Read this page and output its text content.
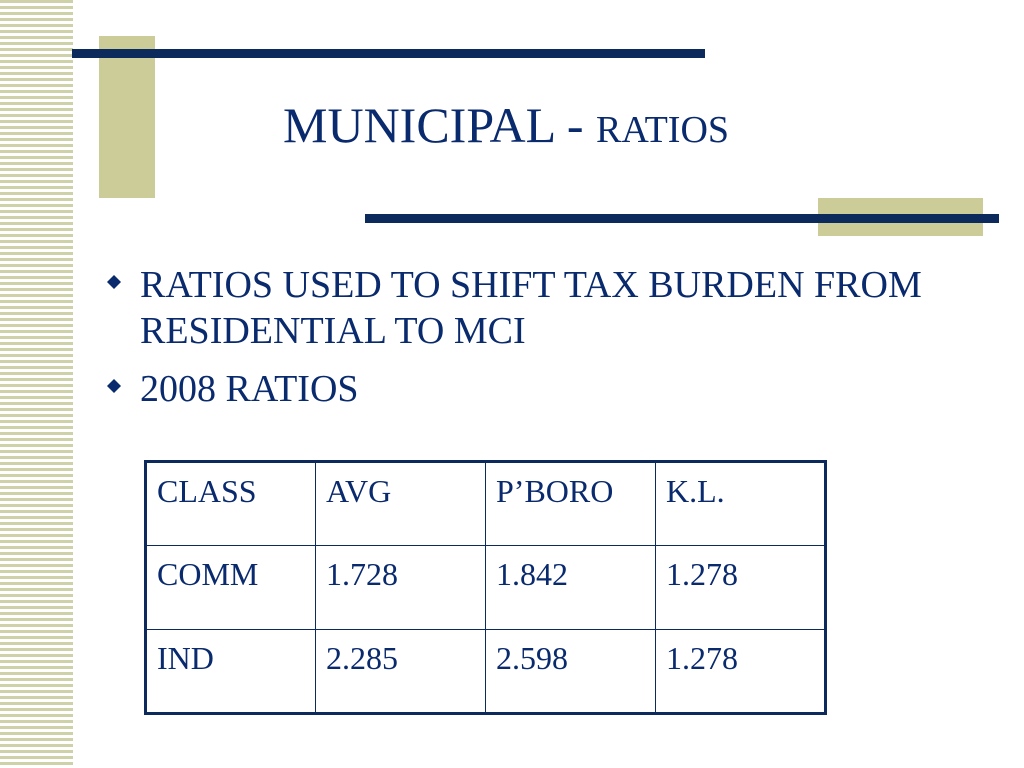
MUNICIPAL - RATIOS
RATIOS USED TO SHIFT TAX BURDEN FROM RESIDENTIAL TO MCI
2008 RATIOS
CLASS	AVG	P’BORO	K.L.
COMM	1.728	1.842	1.278
IND	2.285	2.598	1.278
